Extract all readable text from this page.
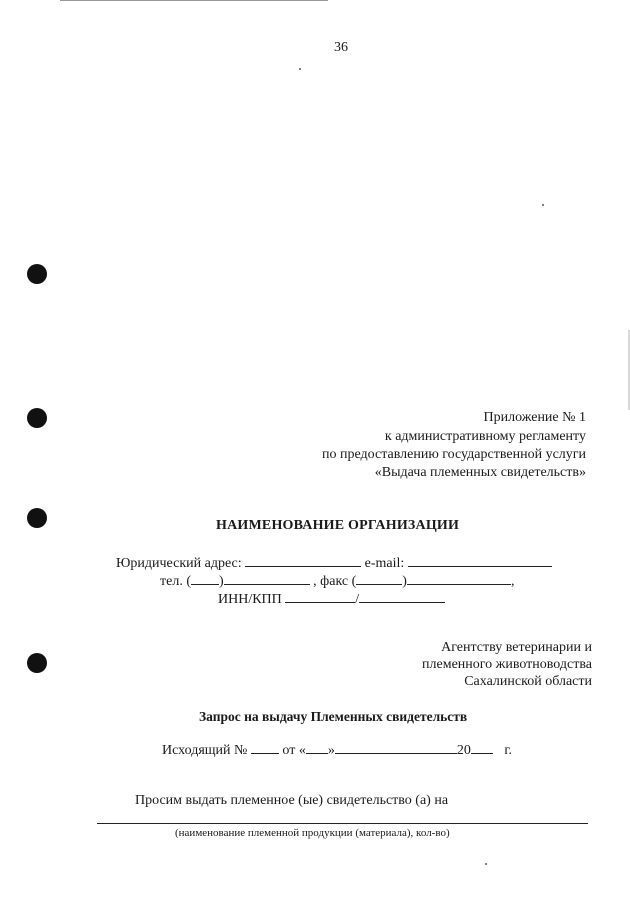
36
Приложение № 1
к административному регламенту
по предоставлению государственной услуги
«Выдача племенных свидетельств»
НАИМЕНОВАНИЕ ОРГАНИЗАЦИИ
Юридический адрес:	e-mail:
тел. ( )	, факс (	)	,
ИНН/КПП	/
Агентству ветеринарии и
племенного животноводства
Сахалинской области
Запрос на выдачу Племенных свидетельств
Исходящий №	от « »	20 г.
Просим выдать племенное (ые) свидетельство (а) на
(наименование племенной продукции (материала), кол-во)
